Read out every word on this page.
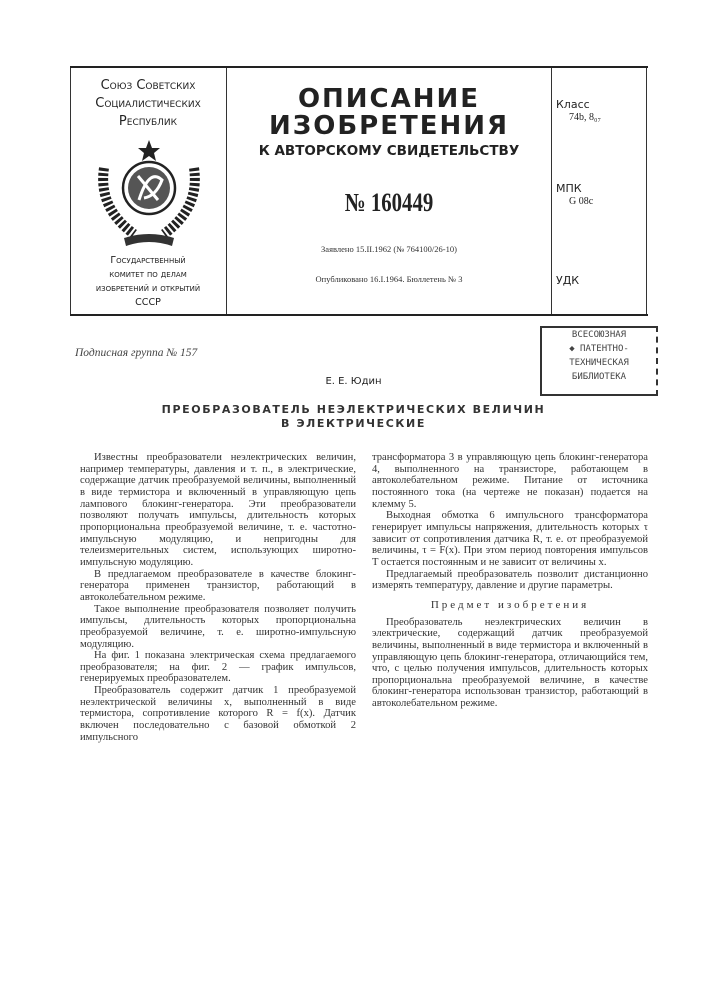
Союз Советских
Социалистических
Республик
Государственный
комитет по делам
изобретений и открытий
СССР
ОПИСАНИЕ
ИЗОБРЕТЕНИЯ
К АВТОРСКОМУ СВИДЕТЕЛЬСТВУ
№ 160449
Заявлено 15.II.1962 (№ 764100/26-10)
Опубликовано 16.I.1964. Бюллетень № 3
Класс
74b, 8₀₇
МПК
G 08c
УДК
ВСЕСОЮЗНАЯ
◆ ПАТЕНТНО-
ТЕХНИЧЕСКАЯ
БИБЛИОТЕКА
Подписная группа № 157
Е. Е. Юдин
ПРЕОБРАЗОВАТЕЛЬ НЕЭЛЕКТРИЧЕСКИХ ВЕЛИЧИН
В ЭЛЕКТРИЧЕСКИЕ

Известны преобразователи неэлектрических величин, например температуры, давления и т. п., в электрические, содержащие датчик преобразуемой величины, выполненный в виде термистора и включенный в управляющую цепь лампового блокинг-генератора. Эти преобразователи позволяют получать импульсы, длительность которых пропорциональна преобразуемой величине, т. е. частотно-импульсную модуляцию, и непригодны для телеизмерительных систем, использующих широтно-импульсную модуляцию.

В предлагаемом преобразователе в качестве блокинг-генератора применен транзистор, работающий в автоколебательном режиме.

Такое выполнение преобразователя позволяет получить импульсы, длительность которых пропорциональна преобразуемой величине, т. е. широтно-импульсную модуляцию.

На фиг. 1 показана электрическая схема предлагаемого преобразователя; на фиг. 2 — график импульсов, генерируемых преобразователем.

Преобразователь содержит датчик 1 преобразуемой неэлектрической величины x, выполненный в виде термистора, сопротивление которого R = f(x). Датчик включен последовательно с базовой обмоткой 2 импульсного

трансформатора 3 в управляющую цепь блокинг-генератора 4, выполненного на транзисторе, работающем в автоколебательном режиме. Питание от источника постоянного тока (на чертеже не показан) подается на клемму 5.

Выходная обмотка 6 импульсного трансформатора генерирует импульсы напряжения, длительность которых τ зависит от сопротивления датчика R, т. е. от преобразуемой величины, τ = F(x). При этом период повторения импульсов T остается постоянным и не зависит от величины x.

Предлагаемый преобразователь позволит дистанционно измерять температуру, давление и другие параметры.

Предмет изобретения

Преобразователь неэлектрических величин в электрические, содержащий датчик преобразуемой величины, выполненный в виде термистора и включенный в управляющую цепь блокинг-генератора, отличающийся тем, что, с целью получения импульсов, длительность которых пропорциональна преобразуемой величине, в качестве блокинг-генератора использован транзистор, работающий в автоколебательном режиме.
